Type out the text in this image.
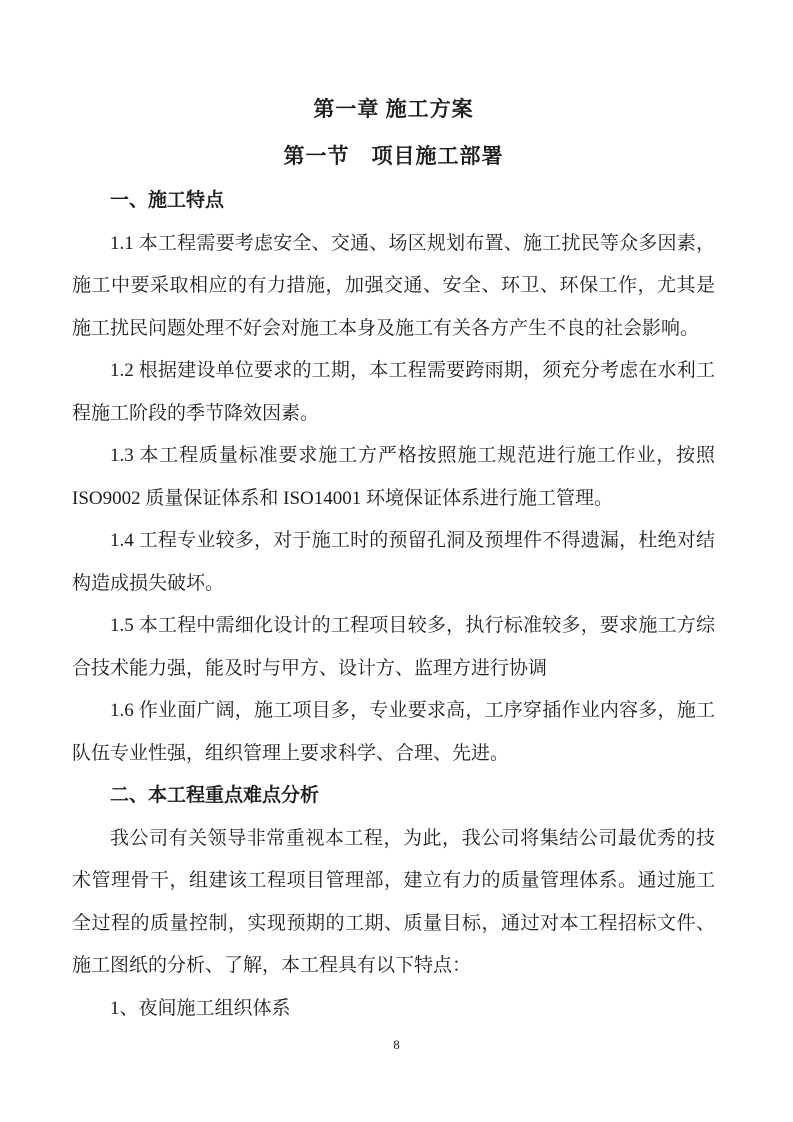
第一章 施工方案
第一节　项目施工部署

一、施工特点

1.1 本工程需要考虑安全、交通、场区规划布置、施工扰民等众多因素，施工中要采取相应的有力措施，加强交通、安全、环卫、环保工作，尤其是施工扰民问题处理不好会对施工本身及施工有关各方产生不良的社会影响。

1.2 根据建设单位要求的工期，本工程需要跨雨期，须充分考虑在水利工程施工阶段的季节降效因素。

1.3 本工程质量标准要求施工方严格按照施工规范进行施工作业，按照 ISO9002 质量保证体系和 ISO14001 环境保证体系进行施工管理。

1.4 工程专业较多，对于施工时的预留孔洞及预埋件不得遗漏，杜绝对结构造成损失破坏。

1.5 本工程中需细化设计的工程项目较多，执行标准较多，要求施工方综合技术能力强，能及时与甲方、设计方、监理方进行协调

1.6 作业面广阔，施工项目多，专业要求高，工序穿插作业内容多，施工队伍专业性强，组织管理上要求科学、合理、先进。

二、本工程重点难点分析

我公司有关领导非常重视本工程，为此，我公司将集结公司最优秀的技术管理骨干，组建该工程项目管理部，建立有力的质量管理体系。通过施工全过程的质量控制，实现预期的工期、质量目标，通过对本工程招标文件、施工图纸的分析、了解，本工程具有以下特点：

1、夜间施工组织体系

8
